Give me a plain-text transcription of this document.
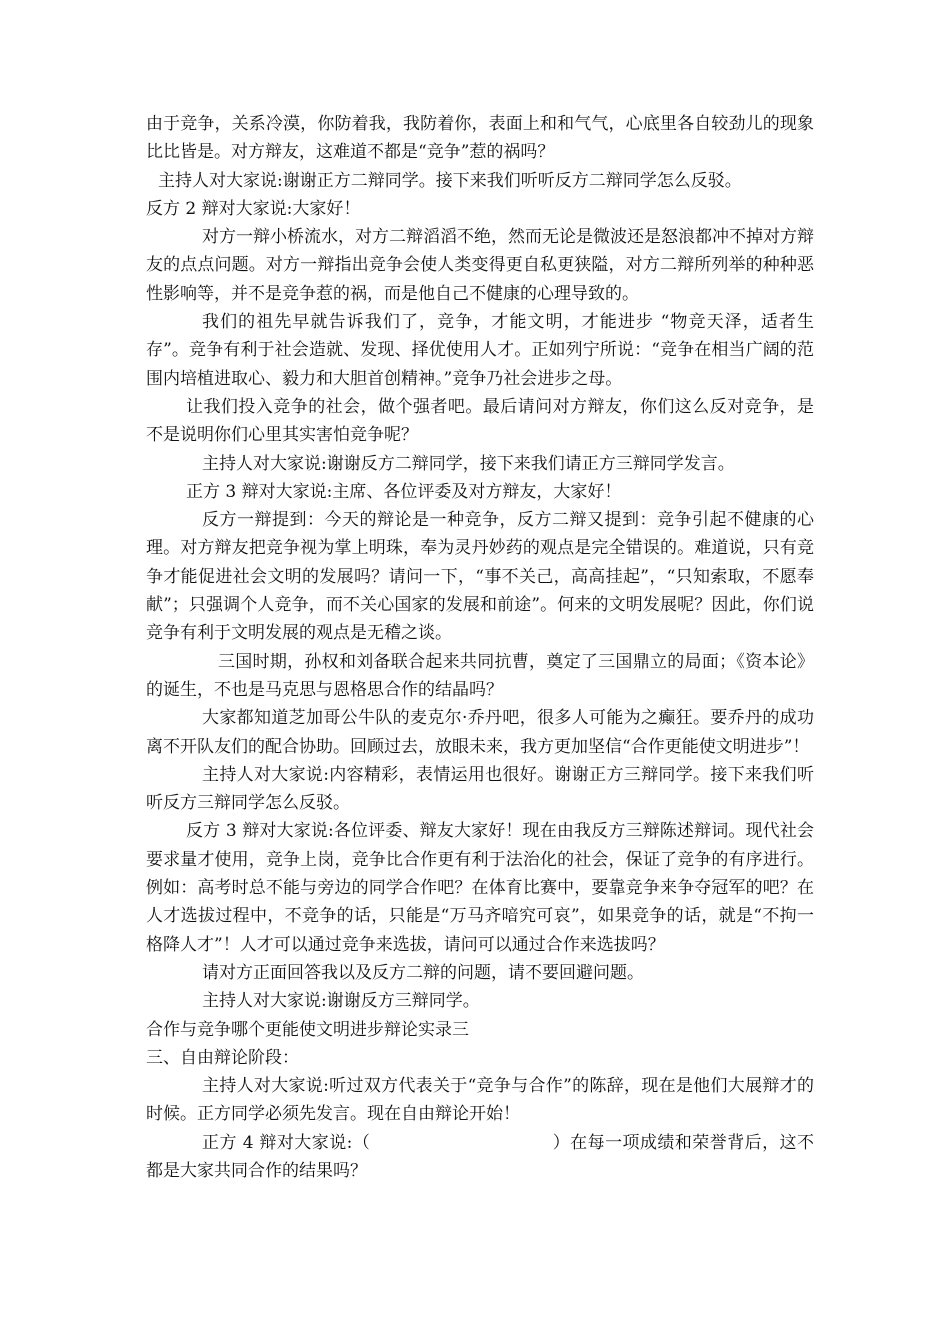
由于竞争，关系冷漠，你防着我，我防着你，表面上和和气气，心底里各自较劲儿的现象比比皆是。对方辩友，这难道不都是“竞争”惹的祸吗？

主持人对大家说:谢谢正方二辩同学。接下来我们听听反方二辩同学怎么反驳。

反方 2 辩对大家说:大家好！

对方一辩小桥流水，对方二辩滔滔不绝，然而无论是微波还是怒浪都冲不掉对方辩友的点点问题。对方一辩指出竞争会使人类变得更自私更狭隘，对方二辩所列举的种种恶性影响等，并不是竞争惹的祸，而是他自己不健康的心理导致的。

我们的祖先早就告诉我们了，竞争，才能文明，才能进步 “物竞天泽，适者生存”。竞争有利于社会造就、发现、择优使用人才。正如列宁所说：“竞争在相当广阔的范围内培植进取心、毅力和大胆首创精神。”竞争乃社会进步之母。

让我们投入竞争的社会，做个强者吧。最后请问对方辩友，你们这么反对竞争，是不是说明你们心里其实害怕竞争呢？

主持人对大家说:谢谢反方二辩同学，接下来我们请正方三辩同学发言。

正方 3 辩对大家说:主席、各位评委及对方辩友，大家好！

反方一辩提到：今天的辩论是一种竞争，反方二辩又提到：竞争引起不健康的心理。对方辩友把竞争视为掌上明珠，奉为灵丹妙药的观点是完全错误的。难道说，只有竞争才能促进社会文明的发展吗？请问一下，“事不关己，高高挂起”，“只知索取，不愿奉献”；只强调个人竞争，而不关心国家的发展和前途”。何来的文明发展呢？因此，你们说竞争有利于文明发展的观点是无稽之谈。

三国时期，孙权和刘备联合起来共同抗曹，奠定了三国鼎立的局面；《资本论》的诞生，不也是马克思与恩格思合作的结晶吗？

大家都知道芝加哥公牛队的麦克尔·乔丹吧，很多人可能为之癫狂。要乔丹的成功离不开队友们的配合协助。回顾过去，放眼未来，我方更加坚信“合作更能使文明进步”！

主持人对大家说:内容精彩，表情运用也很好。谢谢正方三辩同学。接下来我们听听反方三辩同学怎么反驳。

反方 3 辩对大家说:各位评委、辩友大家好！现在由我反方三辩陈述辩词。现代社会要求量才使用，竞争上岗，竞争比合作更有利于法治化的社会，保证了竞争的有序进行。例如：高考时总不能与旁边的同学合作吧？在体育比赛中，要靠竞争来争夺冠军的吧？在人才选拔过程中，不竞争的话，只能是“万马齐喑究可哀”，如果竞争的话，就是“不拘一格降人才”！人才可以通过竞争来选拔，请问可以通过合作来选拔吗？

请对方正面回答我以及反方二辩的问题，请不要回避问题。

主持人对大家说:谢谢反方三辩同学。

合作与竞争哪个更能使文明进步辩论实录三

三、自由辩论阶段：

主持人对大家说:听过双方代表关于“竞争与合作”的陈辞，现在是他们大展辩才的时候。正方同学必须先发言。现在自由辩论开始！

正方 4 辩对大家说:（	）在每一项成绩和荣誉背后，这不都是大家共同合作的结果吗？
